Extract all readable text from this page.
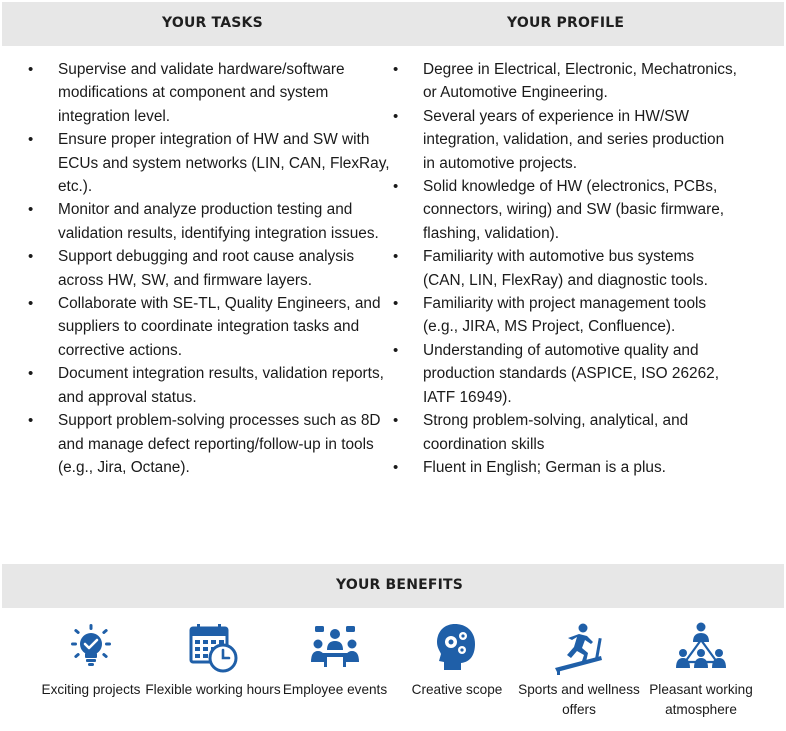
YOUR TASKS	YOUR PROFILE
• Supervise and validate hardware/software modifications at component and system integration level.
• Ensure proper integration of HW and SW with ECUs and system networks (LIN, CAN, FlexRay, etc.).
• Monitor and analyze production testing and validation results, identifying integration issues.
• Support debugging and root cause analysis across HW, SW, and firmware layers.
• Collaborate with SE-TL, Quality Engineers, and suppliers to coordinate integration tasks and corrective actions.
• Document integration results, validation reports, and approval status.
• Support problem-solving processes such as 8D and manage defect reporting/follow-up in tools (e.g., Jira, Octane).
• Degree in Electrical, Electronic, Mechatronics, or Automotive Engineering.
• Several years of experience in HW/SW integration, validation, and series production in automotive projects.
• Solid knowledge of HW (electronics, PCBs, connectors, wiring) and SW (basic firmware, flashing, validation).
• Familiarity with automotive bus systems (CAN, LIN, FlexRay) and diagnostic tools.
• Familiarity with project management tools (e.g., JIRA, MS Project, Confluence).
• Understanding of automotive quality and production standards (ASPICE, ISO 26262, IATF 16949).
• Strong problem-solving, analytical, and coordination skills
• Fluent in English; German is a plus.
YOUR BENEFITS
Exciting projects Flexible working hours Employee events	Creative scope	Sports and wellness offers
Pleasant working atmosphere
